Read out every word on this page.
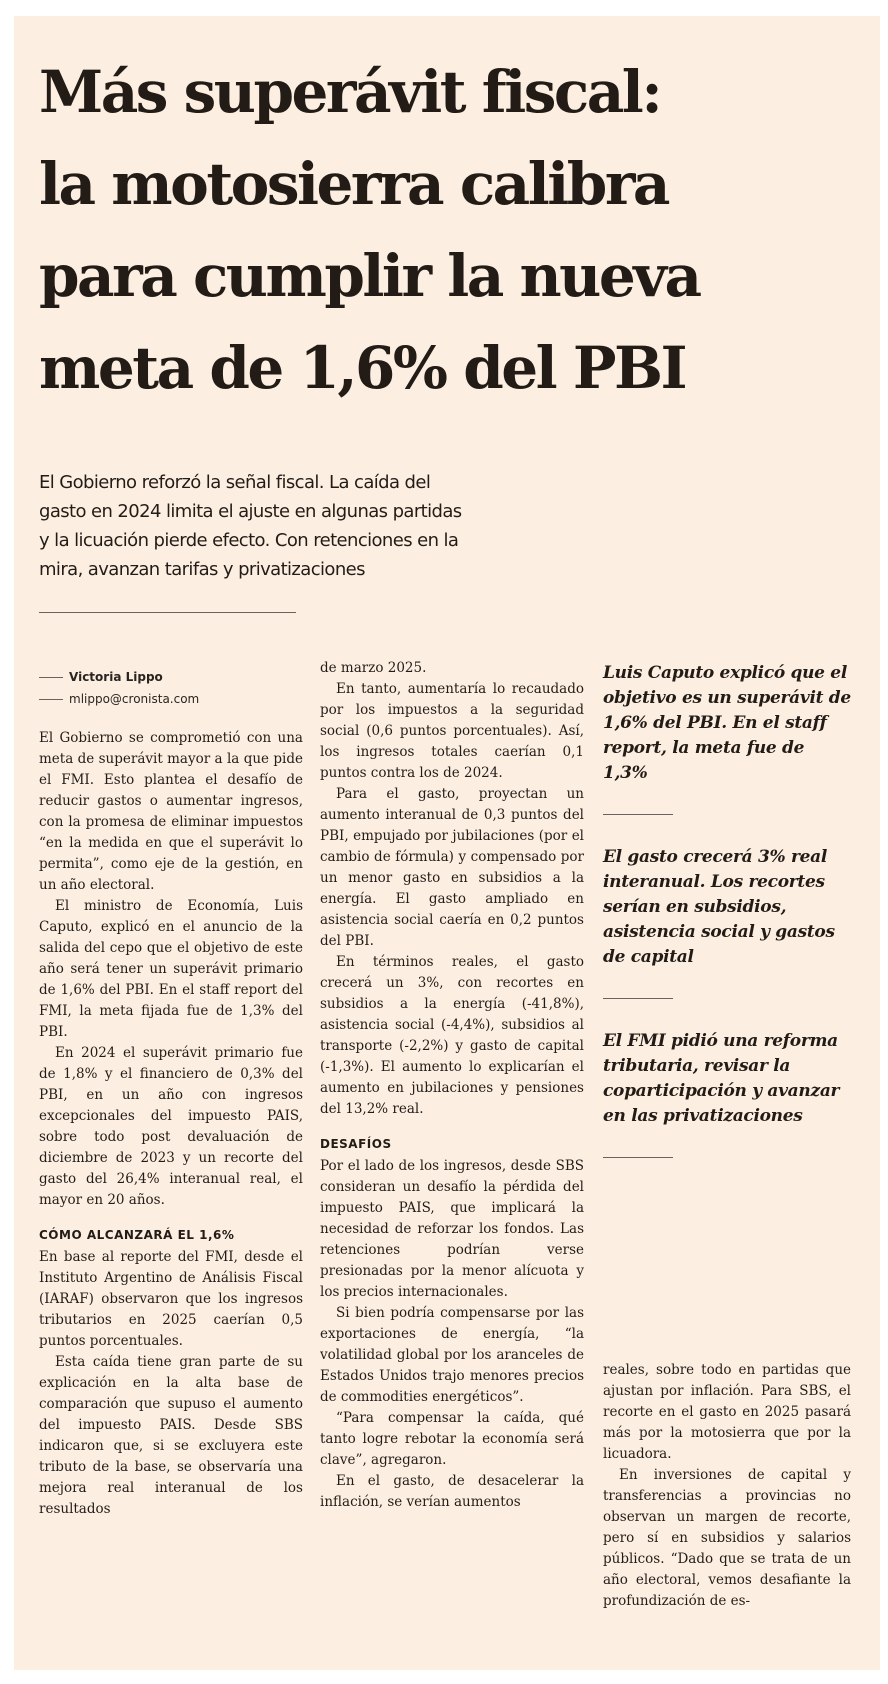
Más superávit fiscal:
la motosierra calibra
para cumplir la nueva
meta de 1,6% del PBI

El Gobierno reforzó la señal fiscal. La caída del
gasto en 2024 limita el ajuste en algunas partidas
y la licuación pierde efecto. Con retenciones en la
mira, avanzan tarifas y privatizaciones

Victoria Lippo
mlippo@cronista.com

El Gobierno se comprometió con una meta de superávit mayor a la que pide el FMI. Esto plantea el desafío de reducir gastos o aumentar ingresos, con la promesa de eliminar impuestos “en la medida en que el superávit lo permita”, como eje de la gestión, en un año electoral.

El ministro de Economía, Luis Caputo, explicó en el anuncio de la salida del cepo que el objetivo de este año será tener un superávit primario de 1,6% del PBI. En el staff report del FMI, la meta fijada fue de 1,3% del PBI.

En 2024 el superávit primario fue de 1,8% y el financiero de 0,3% del PBI, en un año con ingresos excepcionales del impuesto PAIS, sobre todo post devaluación de diciembre de 2023 y un recorte del gasto del 26,4% interanual real, el mayor en 20 años.

CÓMO ALCANZARÁ EL 1,6%

En base al reporte del FMI, desde el Instituto Argentino de Análisis Fiscal (IARAF) observaron que los ingresos tributarios en 2025 caerían 0,5 puntos porcentuales.

Esta caída tiene gran parte de su explicación en la alta base de comparación que supuso el aumento del impuesto PAIS. Desde SBS indicaron que, si se excluyera este tributo de la base, se observaría una mejora real interanual de los resultados

de marzo 2025.

En tanto, aumentaría lo recaudado por los impuestos a la seguridad social (0,6 puntos porcentuales). Así, los ingresos totales caerían 0,1 puntos contra los de 2024.

Para el gasto, proyectan un aumento interanual de 0,3 puntos del PBI, empujado por jubilaciones (por el cambio de fórmula) y compensado por un menor gasto en subsidios a la energía. El gasto ampliado en asistencia social caería en 0,2 puntos del PBI.

En términos reales, el gasto crecerá un 3%, con recortes en subsidios a la energía (-41,8%), asistencia social (-4,4%), subsidios al transporte (-2,2%) y gasto de capital (-1,3%). El aumento lo explicarían el aumento en jubilaciones y pensiones del 13,2% real.

DESAFÍOS

Por el lado de los ingresos, desde SBS consideran un desafío la pérdida del impuesto PAIS, que implicará la necesidad de reforzar los fondos. Las retenciones podrían verse presionadas por la menor alícuota y los precios internacionales.

Si bien podría compensarse por las exportaciones de energía, “la volatilidad global por los aranceles de Estados Unidos trajo menores precios de commodities energéticos”.

“Para compensar la caída, qué tanto logre rebotar la economía será clave”, agregaron.

En el gasto, de desacelerar la inflación, se verían aumentos

Luis Caputo explicó que el objetivo es un superávit de 1,6% del PBI. En el staff report, la meta fue de 1,3%

El gasto crecerá 3% real interanual. Los recortes serían en subsidios, asistencia social y gastos de capital

El FMI pidió una reforma tributaria, revisar la coparticipación y avanzar en las privatizaciones

reales, sobre todo en partidas que ajustan por inflación. Para SBS, el recorte en el gasto en 2025 pasará más por la motosierra que por la licuadora.

En inversiones de capital y transferencias a provincias no observan un margen de recorte, pero sí en subsidios y salarios públicos. “Dado que se trata de un año electoral, vemos desafiante la profundización de es-
